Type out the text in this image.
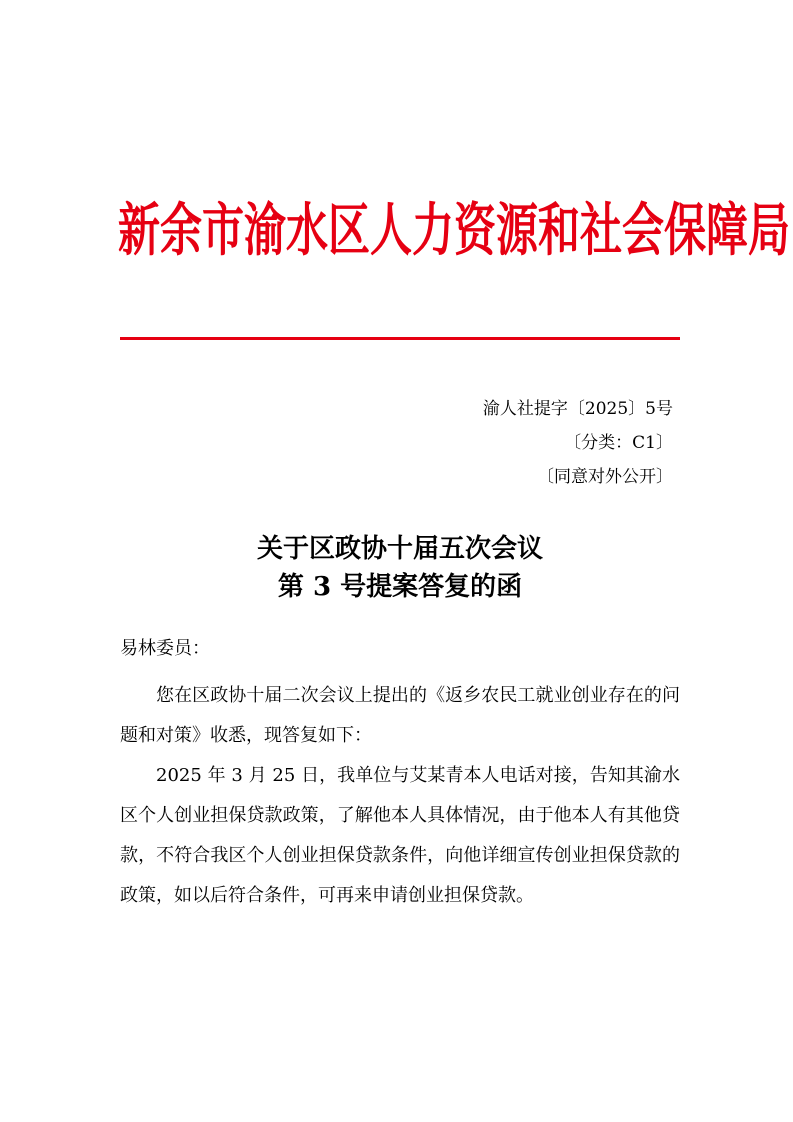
新余市渝水区人力资源和社会保障局
渝人社提字〔2025〕5号
〔分类：C1〕
〔同意对外公开〕
关于区政协十届五次会议
第 3 号提案答复的函
易林委员：

您在区政协十届二次会议上提出的《返乡农民工就业创业存在的问题和对策》收悉，现答复如下：

2025 年 3 月 25 日，我单位与艾某青本人电话对接，告知其渝水区个人创业担保贷款政策，了解他本人具体情况，由于他本人有其他贷款，不符合我区个人创业担保贷款条件，向他详细宣传创业担保贷款的政策，如以后符合条件，可再来申请创业担保贷款。
